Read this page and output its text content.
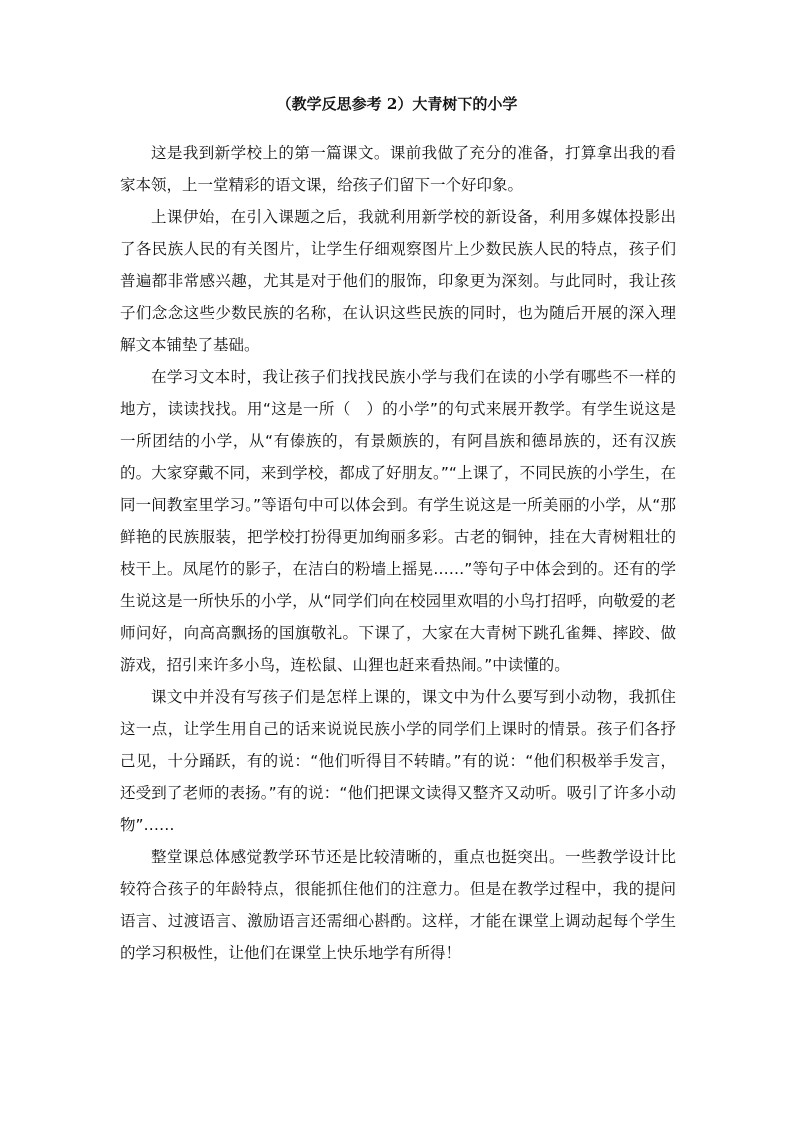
（教学反思参考 2）大青树下的小学

这是我到新学校上的第一篇课文。课前我做了充分的准备，打算拿出我的看家本领，上一堂精彩的语文课，给孩子们留下一个好印象。

上课伊始，在引入课题之后，我就利用新学校的新设备，利用多媒体投影出了各民族人民的有关图片，让学生仔细观察图片上少数民族人民的特点，孩子们普遍都非常感兴趣，尤其是对于他们的服饰，印象更为深刻。与此同时，我让孩子们念念这些少数民族的名称，在认识这些民族的同时，也为随后开展的深入理解文本铺垫了基础。

在学习文本时，我让孩子们找找民族小学与我们在读的小学有哪些不一样的地方，读读找找。用“这是一所（　）的小学”的句式来展开教学。有学生说这是一所团结的小学，从“有傣族的，有景颇族的，有阿昌族和德昂族的，还有汉族的。大家穿戴不同，来到学校，都成了好朋友。”“上课了，不同民族的小学生，在同一间教室里学习。”等语句中可以体会到。有学生说这是一所美丽的小学，从“那鲜艳的民族服装，把学校打扮得更加绚丽多彩。古老的铜钟，挂在大青树粗壮的枝干上。凤尾竹的影子，在洁白的粉墙上摇晃……”等句子中体会到的。还有的学生说这是一所快乐的小学，从“同学们向在校园里欢唱的小鸟打招呼，向敬爱的老师问好，向高高飘扬的国旗敬礼。下课了，大家在大青树下跳孔雀舞、摔跤、做游戏，招引来许多小鸟，连松鼠、山狸也赶来看热闹。”中读懂的。

课文中并没有写孩子们是怎样上课的，课文中为什么要写到小动物，我抓住这一点，让学生用自己的话来说说民族小学的同学们上课时的情景。孩子们各抒己见，十分踊跃，有的说：“他们听得目不转睛。”有的说：“他们积极举手发言，还受到了老师的表扬。”有的说：“他们把课文读得又整齐又动听。吸引了许多小动物”……

整堂课总体感觉教学环节还是比较清晰的，重点也挺突出。一些教学设计比较符合孩子的年龄特点，很能抓住他们的注意力。但是在教学过程中，我的提问语言、过渡语言、激励语言还需细心斟酌。这样，才能在课堂上调动起每个学生的学习积极性，让他们在课堂上快乐地学有所得！
